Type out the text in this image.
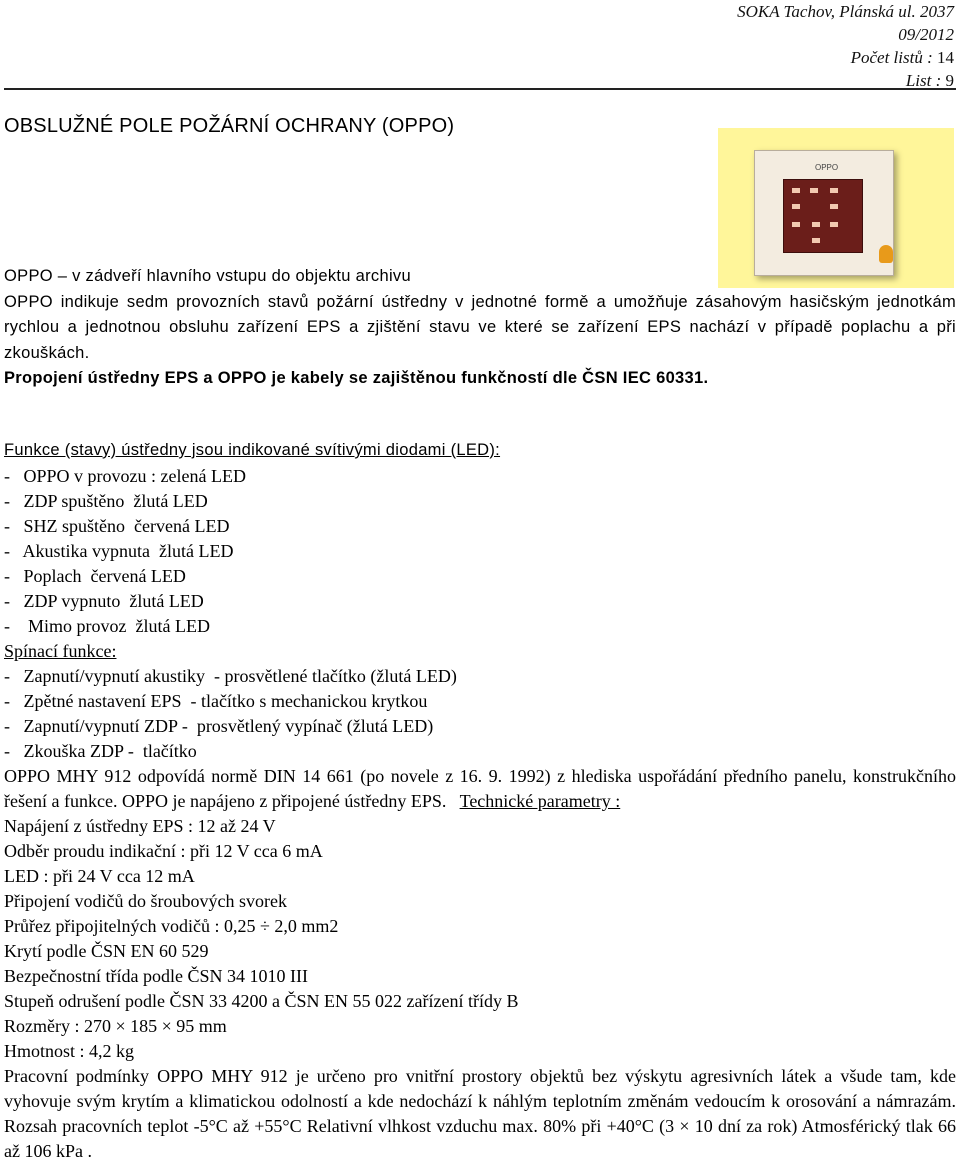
SOKA Tachov, Plánská ul. 2037
09/2012
Počet listů : 14
List : 9
OBSLUŽNÉ POLE POŽÁRNÍ OCHRANY (OPPO)
OPPO

OPPO – v zádveří hlavního vstupu do objektu archivu

OPPO indikuje sedm provozních stavů požární ústředny v jednotné formě a umožňuje zásahovým hasičským jednotkám rychlou a jednotnou obsluhu zařízení EPS a zjištění stavu ve které se zařízení EPS nachází v případě poplachu a při zkouškách.

Propojení ústředny EPS a OPPO je kabely se zajištěnou funkčností dle ČSN IEC 60331.

Funkce (stavy) ústředny jsou indikované svítivými diodami (LED):

-   OPPO v provozu : zelená LED

-   ZDP spuštěno  žlutá LED

-   SHZ spuštěno  červená LED

-   Akustika vypnuta  žlutá LED

-   Poplach  červená LED

-   ZDP vypnuto  žlutá LED

-    Mimo provoz  žlutá LED

Spínací funkce:

-   Zapnutí/vypnutí akustiky  - prosvětlené tlačítko (žlutá LED)

-   Zpětné nastavení EPS  - tlačítko s mechanickou krytkou

-   Zapnutí/vypnutí ZDP -  prosvětlený vypínač (žlutá LED)

-   Zkouška ZDP -  tlačítko

OPPO MHY 912 odpovídá normě DIN 14 661 (po novele z 16. 9. 1992) z hlediska uspořádání předního panelu, konstrukčního řešení a funkce. OPPO je napájeno z připojené ústředny EPS. Technické parametry :

Napájení z ústředny EPS : 12 až 24 V

Odběr proudu indikační : při 12 V cca 6 mA

LED : při 24 V cca 12 mA

Připojení vodičů do šroubových svorek

Průřez připojitelných vodičů : 0,25 ÷ 2,0 mm2

Krytí podle ČSN EN 60 529

Bezpečnostní třída podle ČSN 34 1010 III

Stupeň odrušení podle ČSN 33 4200 a ČSN EN 55 022 zařízení třídy B

Rozměry : 270 × 185 × 95 mm

Hmotnost : 4,2 kg

Pracovní podmínky OPPO MHY 912 je určeno pro vnitřní prostory objektů bez výskytu agresivních látek a všude tam, kde vyhovuje svým krytím a klimatickou odolností a kde nedochází k náhlým teplotním změnám vedoucím k orosování a námrazám. Rozsah pracovních teplot -5°C až +55°C Relativní vlhkost vzduchu max. 80% při +40°C (3 × 10 dní za rok) Atmosférický tlak 66 až 106 kPa .
